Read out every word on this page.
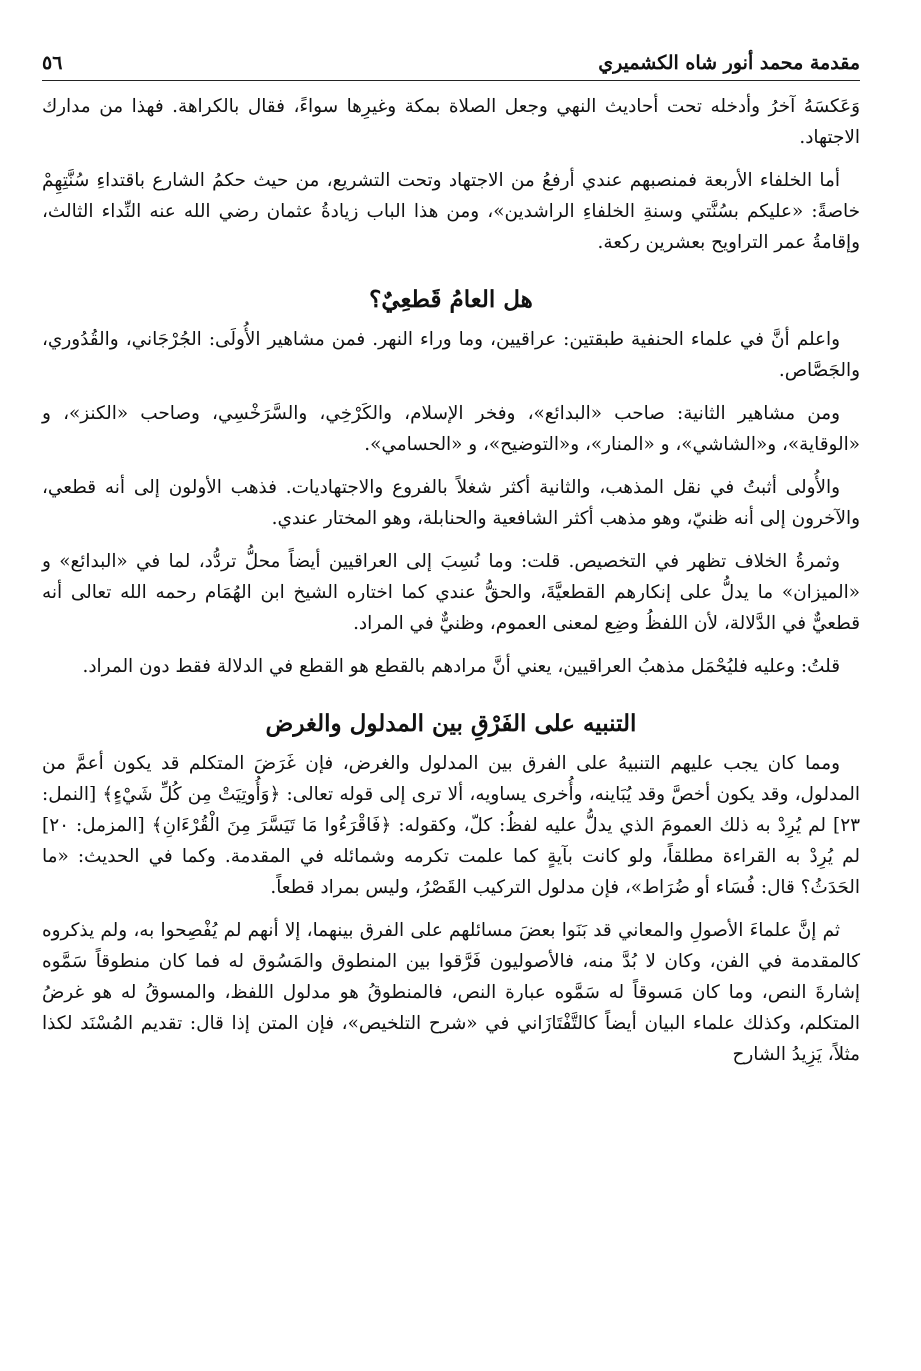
مقدمة محمد أنور شاه الكشميري
٥٦

وَعَكسَهُ آخرُ وأدخله تحت أحاديث النهي وجعل الصلاة بمكة وغيرِها سواءً، فقال بالكراهة. فهذا من مدارك الاجتهاد.

أما الخلفاء الأربعة فمنصبهم عندي أرفعُ من الاجتهاد وتحت التشريع، من حيث حكمُ الشارع باقتداءِ سُنَّتِهِمْ خاصةً: «عليكم بسُنَّتي وسنةِ الخلفاءِ الراشدين»، ومن هذا الباب زيادةُ عثمان رضي الله عنه النِّداء الثالث، وإقامةُ عمر التراويح بعشرين ركعة.

هل العامُ قَطعِيٌ؟

واعلم أنَّ في علماء الحنفية طبقتين: عراقيين، وما وراء النهر. فمن مشاهير الأُولَى: الجُرْجَاني، والقُدُوري، والجَصَّاص.

ومن مشاهير الثانية: صاحب «البدائع»، وفخر الإسلام، والكَرْخِي، والسَّرَخْسِي، وصاحب «الكنز»، و «الوقاية»، و«الشاشي»، و «المنار»، و«التوضيح»، و «الحسامي».

والأُولى أثبتُ في نقل المذهب، والثانية أكثر شغلاً بالفروع والاجتهاديات. فذهب الأولون إلى أنه قطعي، والآخرون إلى أنه ظنيّ، وهو مذهب أكثر الشافعية والحنابلة، وهو المختار عندي.

وثمرةُ الخلاف تظهر في التخصيص. قلت: وما نُسِبَ إلى العراقيين أيضاً محلُّ تردُّد، لما في «البدائع» و «الميزان» ما يدلُّ على إنكارهم القطعيَّةَ، والحقُّ عندي كما اختاره الشيخ ابن الهُمَام رحمه الله تعالى أنه قطعيٌّ في الدَّلالة، لأن اللفظُ وضِع لمعنى العموم، وظنيٌّ في المراد.

قلتُ: وعليه فليُحْمَل مذهبُ العراقيين، يعني أنَّ مرادهم بالقطع هو القطع في الدلالة فقط دون المراد.

التنبيه على الفَرْقِ بين المدلول والغرض

ومما كان يجب عليهم التنبيهُ على الفرق بين المدلول والغرض، فإن غَرَضَ المتكلم قد يكون أعمَّ من المدلول، وقد يكون أخصَّ وقد يُبَاينه، وأُخرى يساويه، ألا ترى إلى قوله تعالى: ﴿وَأُوتِيَتْ مِن كُلِّ شَيْءٍ﴾ [النمل: ٢٣] لم يُرِدْ به ذلك العمومَ الذي يدلُّ عليه لفظُ: كلّ، وكقوله: ﴿فَاقْرَءُوا مَا تَيَسَّرَ مِنَ الْقُرْءَانِ﴾ [المزمل: ٢٠] لم يُرِدْ به القراءة مطلقاً، ولو كانت بآيةٍ كما علمت تكرمه وشمائله في المقدمة. وكما في الحديث: «ما الحَدَثُ؟ قال: فُسَاء أو ضُرَاط»، فإن مدلول التركيب القَصْرُ، وليس بمراد قطعاً.

ثم إنَّ علماءَ الأصولِ والمعاني قد بَنَوا بعضَ مسائلهم على الفرق بينهما، إلا أنهم لم يُفْصِحوا به، ولم يذكروه كالمقدمة في الفن، وكان لا بُدَّ منه، فالأصوليون فَرَّقوا بين المنطوق والمَسُوق له فما كان منطوقاً سَمَّوه إشارةَ النص، وما كان مَسوقاً له سَمَّوه عبارة النص، فالمنطوقُ هو مدلول اللفظ، والمسوقُ له هو غرضُ المتكلم، وكذلك علماء البيان أيضاً كالتَّفْتَازَاني في «شرح التلخيص»، فإن المتن إذا قال: تقديم المُسْنَد لكذا مثلاً، يَزِيدُ الشارح
